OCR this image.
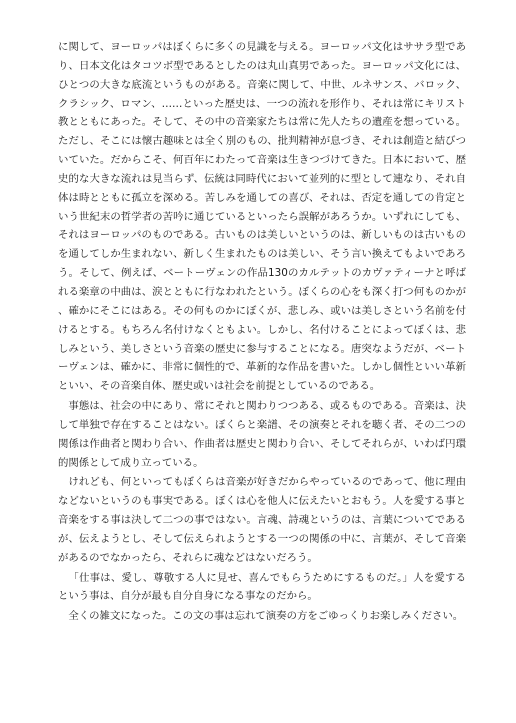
に関して、ヨーロッパはぼくらに多くの見識を与える。ヨーロッパ文化はササラ型であり、日本文化はタコツボ型であるとしたのは丸山真男であった。ヨーロッパ文化には、ひとつの大きな底流というものがある。音楽に関して、中世、ルネサンス、バロック、クラシック、ロマン、……といった歴史は、一つの流れを形作り、それは常にキリスト教とともにあった。そして、その中の音楽家たちは常に先人たちの遺産を想っている。ただし、そこには懐古趣味とは全く別のもの、批判精神が息づき、それは創造と結びついていた。だからこそ、何百年にわたって音楽は生きつづけてきた。日本において、歴史的な大きな流れは見当らず、伝統は同時代において並列的に型として連なり、それ自体は時とともに孤立を深める。苦しみを通しての喜び、それは、否定を通しての肯定という世紀末の哲学者の苦吟に通じているといったら誤解があろうか。いずれにしても、それはヨーロッパのものである。古いものは美しいというのは、新しいものは古いものを通してしか生まれない、新しく生まれたものは美しい、そう言い換えてもよいであろう。そして、例えば、ベートーヴェンの作品130のカルテットのカヴァティーナと呼ばれる楽章の中曲は、涙とともに行なわれたという。ぼくらの心をも深く打つ何ものかが、確かにそこにはある。その何ものかにぼくが、悲しみ、或いは美しさという名前を付けるとする。もちろん名付けなくともよい。しかし、名付けることによってぼくは、悲しみという、美しさという音楽の歴史に参与することになる。唐突なようだが、ベートーヴェンは、確かに、非常に個性的で、革新的な作品を書いた。しかし個性といい革新といい、その音楽自体、歴史或いは社会を前提としているのである。

事態は、社会の中にあり、常にそれと関わりつつある、或るものである。音楽は、決して単独で存在することはない。ぼくらと楽譜、その演奏とそれを聴く者、その二つの関係は作曲者と関わり合い、作曲者は歴史と関わり合い、そしてそれらが、いわば円環的関係として成り立っている。

けれども、何といってもぼくらは音楽が好きだからやっているのであって、他に理由などないというのも事実である。ぼくは心を他人に伝えたいとおもう。人を愛する事と音楽をする事は決して二つの事ではない。言魂、詩魂というのは、言葉についてであるが、伝えようとし、そして伝えられようとする一つの関係の中に、言葉が、そして音楽があるのでなかったら、それらに魂などはないだろう。

「仕事は、愛し、尊敬する人に見せ、喜んでもらうためにするものだ。」人を愛するという事は、自分が最も自分自身になる事なのだから。

全くの雑文になった。この文の事は忘れて演奏の方をごゆっくりお楽しみください。
